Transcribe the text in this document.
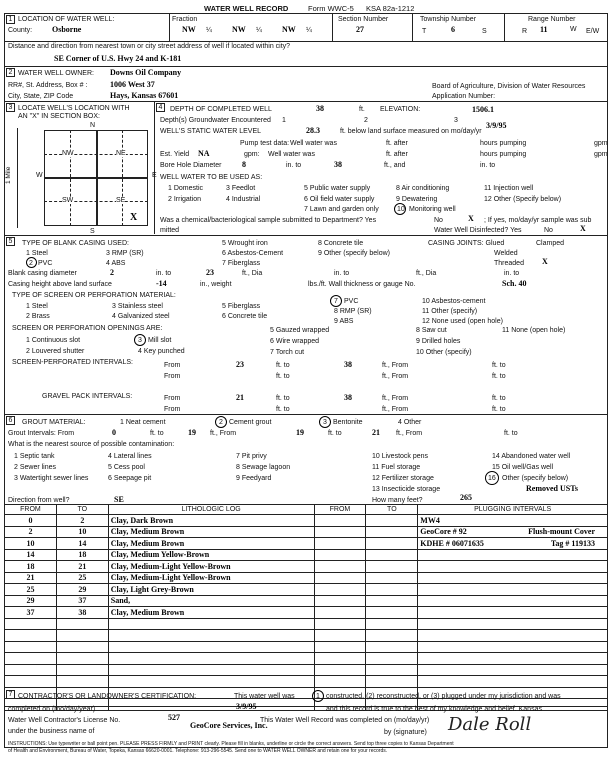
WATER WELL RECORD	Form WWC-5 KSA 82a-1212
1 LOCATION OF WATER WELL:
County: Osborne
Fraction
NW ¼	NW ¼	NW ¼
Section Number
27
Township Number
T	6	S
Range Number
R 11	W E/W
Distance and direction from nearest town or city street address of well if located within city?
SE Corner of U.S. Hwy 24 and K-181
2 WATER WELL OWNER: Downs Oil Company
RR#, St. Address, Box # :	1006 West 37
City, State, ZIP Code	Hays, Kansas 67601
Board of Agriculture, Division of Water Resources
Application Number:
3 LOCATE WELL'S LOCATION WITH
AN "X" IN SECTION BOX:
N
S
W	E
1 Mile
NW	NE
SW	SE
X
4	DEPTH OF COMPLETED WELL	38	ft. ELEVATION:	1506.1
Depth(s) Groundwater Encountered 1	2	3
WELL'S STATIC WATER LEVEL	28.3	ft. below land surface measured on mo/day/yr
3/9/95
Pump test data: Well water was	ft. after	hours pumping	gpm
Est. Yield NA	gpm: Well water was	ft. after	hours pumping	gpm
Bore Hole Diameter	8	in. to	38	ft., and	in. to
WELL WATER TO BE USED AS:
1 Domestic	3 Feedlot	5 Public water supply	8 Air conditioning	11 Injection well
2 Irrigation	4 Industrial	6 Oil field water supply	9 Dewatering	12 Other (Specify below)
7 Lawn and garden only	10 Monitoring well
Was a chemical/bacteriological sample submitted to Department? Yes	No	X ; If yes, mo/day/yr sample was sub
mitted	Water Well Disinfected? Yes	No	X
5	TYPE OF BLANK CASING USED:	5 Wrought iron	8 Concrete tile	CASING JOINTS: Glued	Clamped
1 Steel	3 RMP (SR)	6 Asbestos-Cement	9 Other (specify below)	Welded
2 PVC	4 ABS	7 Fiberglass	Threaded X
Blank casing diameter	2	in. to	23	ft., Dia	in. to	ft., Dia	in. to
Casing height above land surface	-14	in., weight	lbs./ft. Wall thickness or gauge No.	Sch. 40
TYPE OF SCREEN OR PERFORATION MATERIAL:
1 Steel	3 Stainless steel	5 Fiberglass
7 PVC	10 Asbestos-cement
2 Brass	4 Galvanized steel	6 Concrete tile
8 RMP (SR)
9 ABS
11 Other (specify)
12 None used (open hole)
SCREEN OR PERFORATION OPENINGS ARE:	5 Gauzed wrapped	8 Saw cut	11 None (open hole)
1 Continuous slot	3 Mill slot	6 Wire wrapped	9 Drilled holes
2 Louvered shutter	4 Key punched	7 Torch cut	10 Other (specify)
SCREEN-PERFORATED INTERVALS:	From	23	ft. to	38	ft., From	ft. to
From	ft. to	ft., From	ft. to
GRAVEL PACK INTERVALS:	From	21	ft. to	38	ft., From	ft. to
From	ft. to	ft., From	ft. to
6	GROUT MATERIAL:	1 Neat cement	2 Cement grout	3 Bentonite	4 Other
Grout Intervals: From	0	ft. to	19 ft., From	19	ft. to	21 ft., From	ft. to
What is the nearest source of possible contamination:
1 Septic tank	4 Lateral lines	7 Pit privy	10 Livestock pens	14 Abandoned water well
2 Sewer lines	5 Cess pool	8 Sewage lagoon	11 Fuel storage	15 Oil well/Gas well
3 Watertight sewer lines	6 Seepage pit	9 Feedyard	12 Fertilizer storage	16 Other (specify below)
13 Insecticide storage	Removed USTs
Direction from well?	SE	How many feet?	265
FROM	TO	LITHOLOGIC LOG	FROM	TO	PLUGGING INTERVALS
0	2	Clay, Dark Brown			MW4
2	10	Clay, Medium Brown			GeoCore # 92 Flush-mount Cover

10	14	Clay, Medium Brown			KDHE # 06071635 Tag # 119133

14	18	Clay, Medium Yellow-Brown			
18	21	Clay, Medium-Light Yellow-Brown			
21	25	Clay, Medium-Light Yellow-Brown			
25	29	Clay, Light Grey-Brown			
29	37	Sand,			
37	38	Clay, Medium Brown			

7 CONTRACTOR'S OR LANDOWNER'S CERTIFICATION:	This water well was	1 constructed, (2) reconstructed, or (3) plugged under my jurisdiction and was
completed on (mo/day/year)	3/9/95	and this record is true to the best of my knowledge and belief. Kansas
Water Well Contractor's License No.	527	This Water Well Record was completed on (mo/day/yr)
under the business name of
GeoCore Services, Inc.
by (signature) Dale Roll
INSTRUCTIONS: Use typewriter or ball point pen. PLEASE PRESS FIRMLY and PRINT clearly. Please fill in blanks, underline or circle the correct answers. Send top three copies to Kansas Department
of Health and Environment, Bureau of Water, Topeka, Kansas 66620-0001. Telephone: 913-296-5545. Send one to WATER WELL OWNER and retain one for your records.
